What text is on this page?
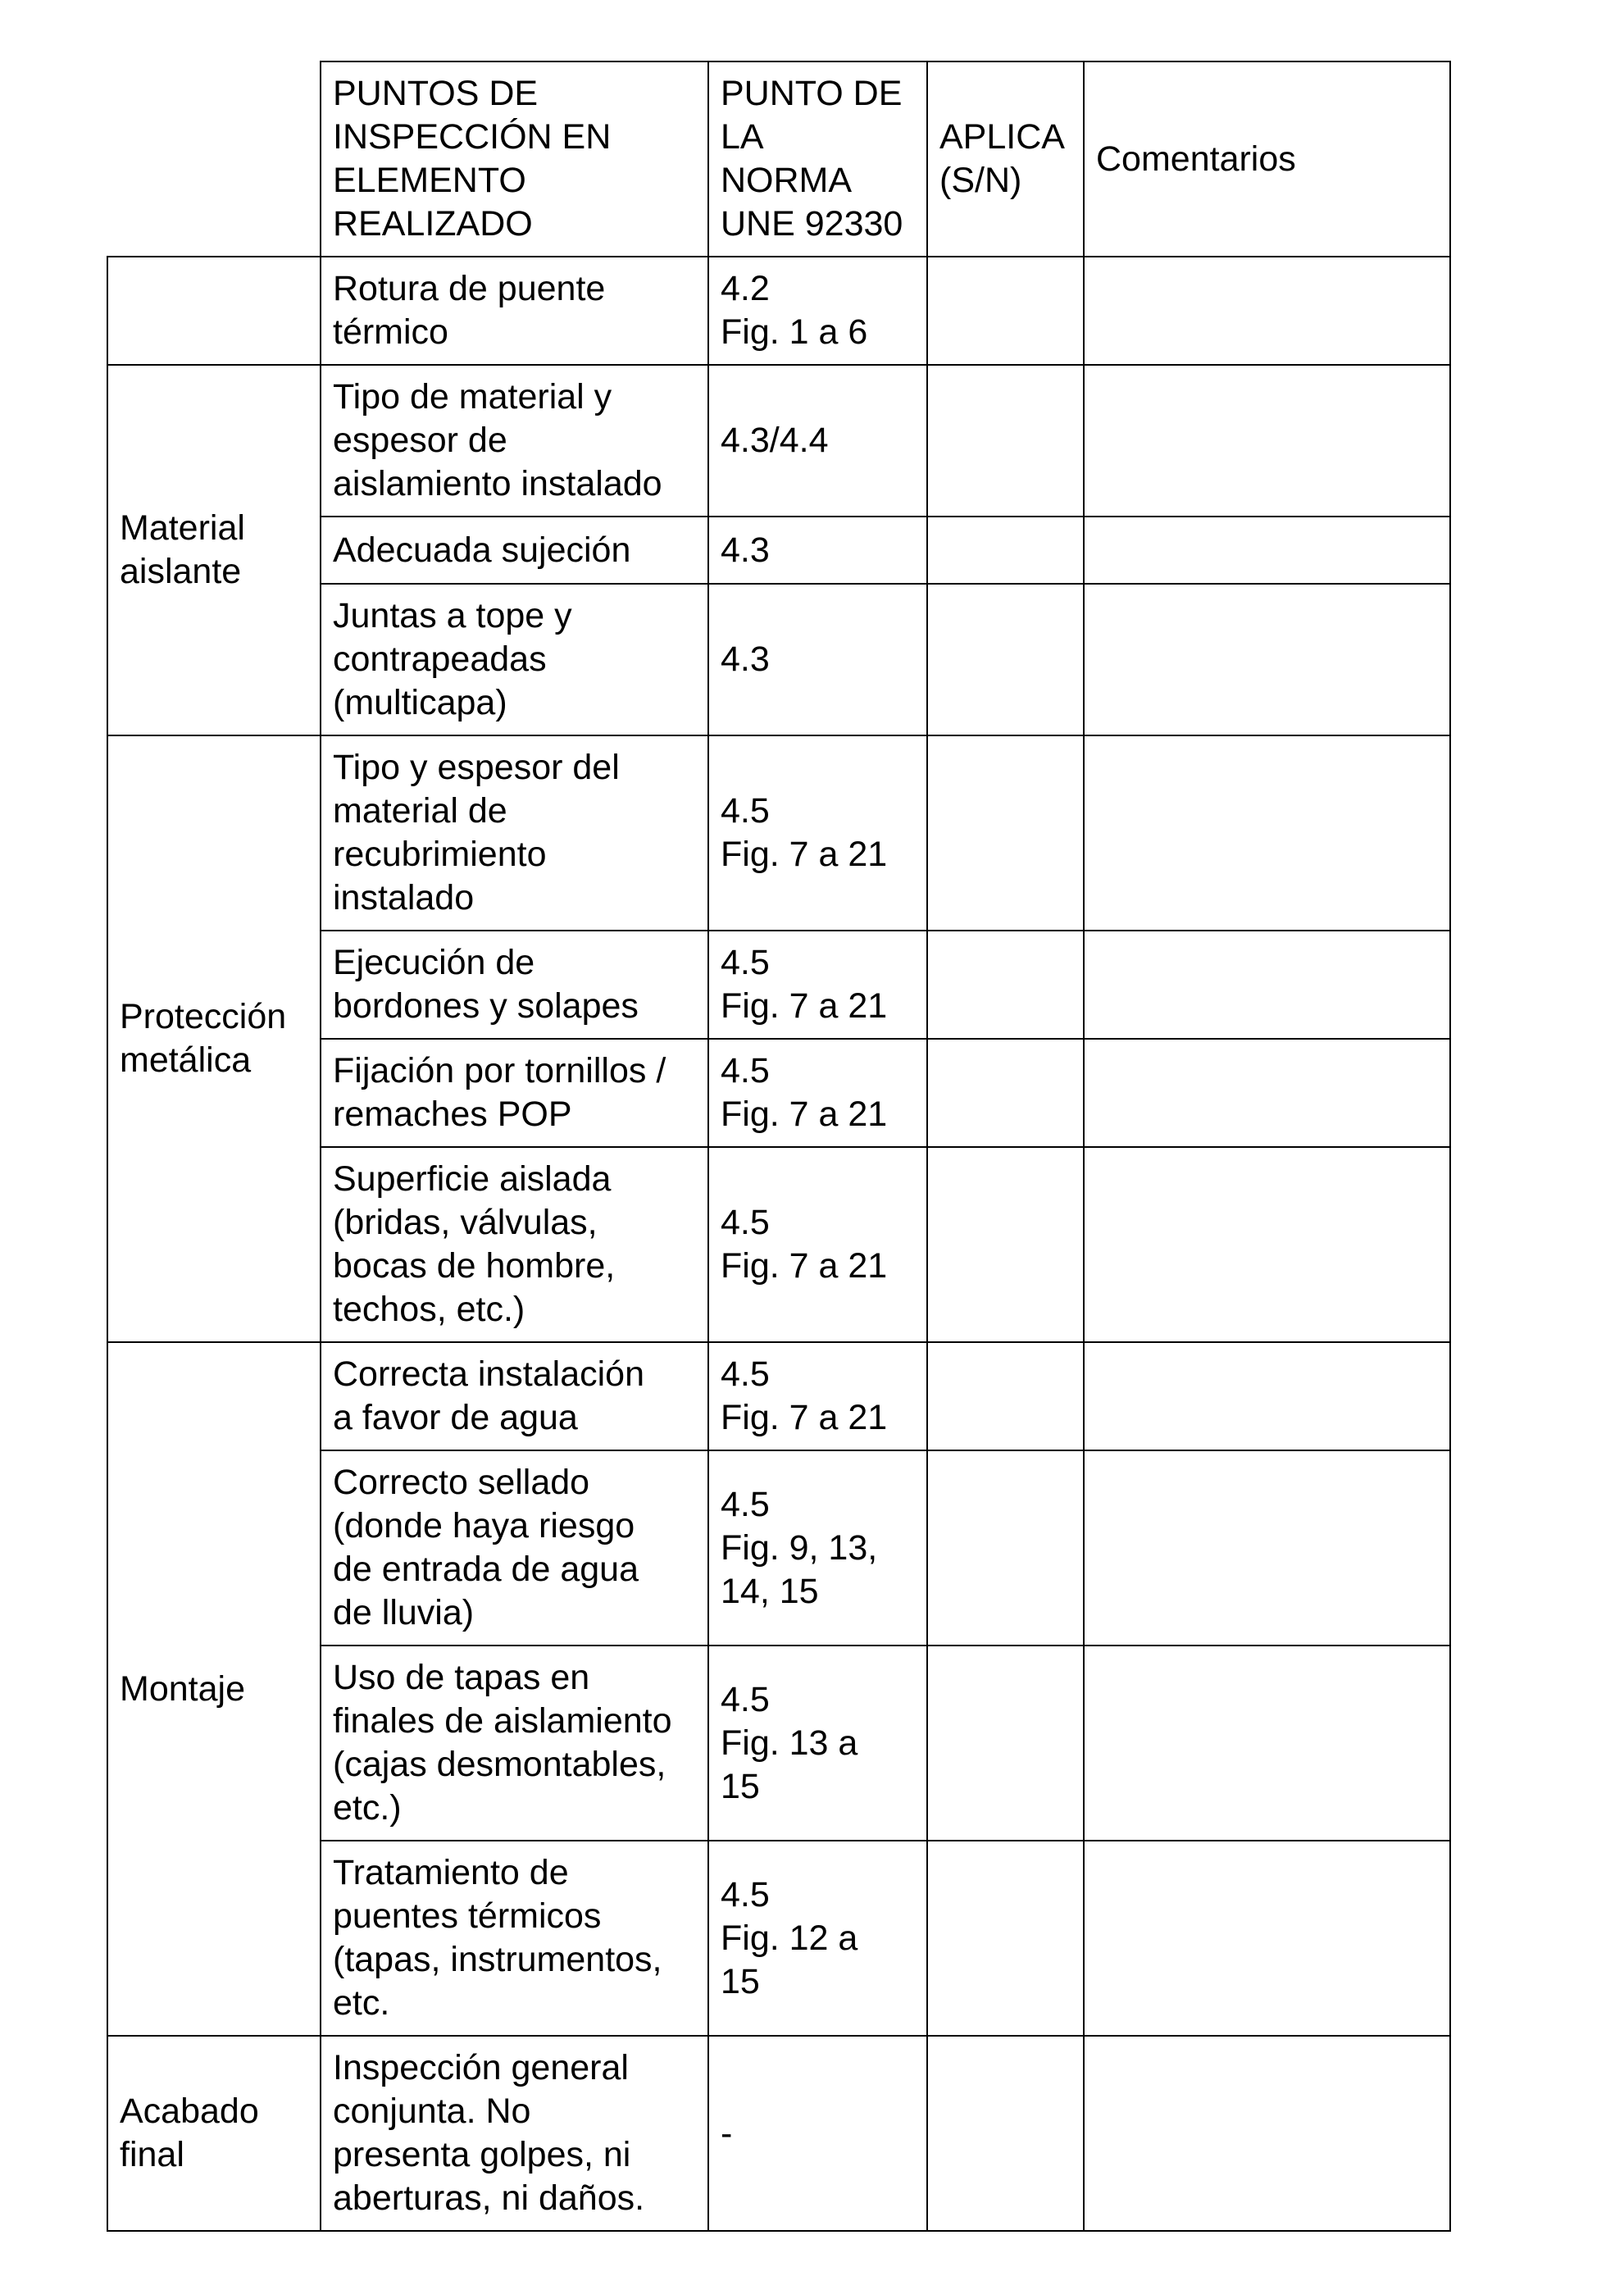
	PUNTOS DE
INSPECCIÓN EN
ELEMENTO
REALIZADO	PUNTO DE
LA
NORMA
UNE 92330	APLICA
(S/N)	Comentarios
	Rotura de puente
térmico	4.2
Fig. 1 a 6		
Material
aislante	Tipo de material y
espesor de
aislamiento instalado	4.3/4.4		
	Adecuada sujeción	4.3		
	Juntas a tope y
contrapeadas
(multicapa)	4.3		
Protección
metálica	Tipo y espesor del
material de
recubrimiento
instalado	4.5
Fig. 7 a 21		
	Ejecución de
bordones y solapes	4.5
Fig. 7 a 21		
	Fijación por tornillos /
remaches POP	4.5
Fig. 7 a 21		
	Superficie aislada
(bridas, válvulas,
bocas de hombre,
techos, etc.)	4.5
Fig. 7 a 21		
Montaje	Correcta instalación
a favor de agua	4.5
Fig. 7 a 21		
	Correcto sellado
(donde haya riesgo
de entrada de agua
de lluvia)	4.5
Fig. 9, 13,
14, 15		
	Uso de tapas en
finales de aislamiento
(cajas desmontables,
etc.)	4.5
Fig. 13 a
15		
	Tratamiento de
puentes térmicos
(tapas, instrumentos,
etc.	4.5
Fig. 12 a
15		
Acabado
final	Inspección general
conjunta. No
presenta golpes, ni
aberturas, ni daños.	-		
